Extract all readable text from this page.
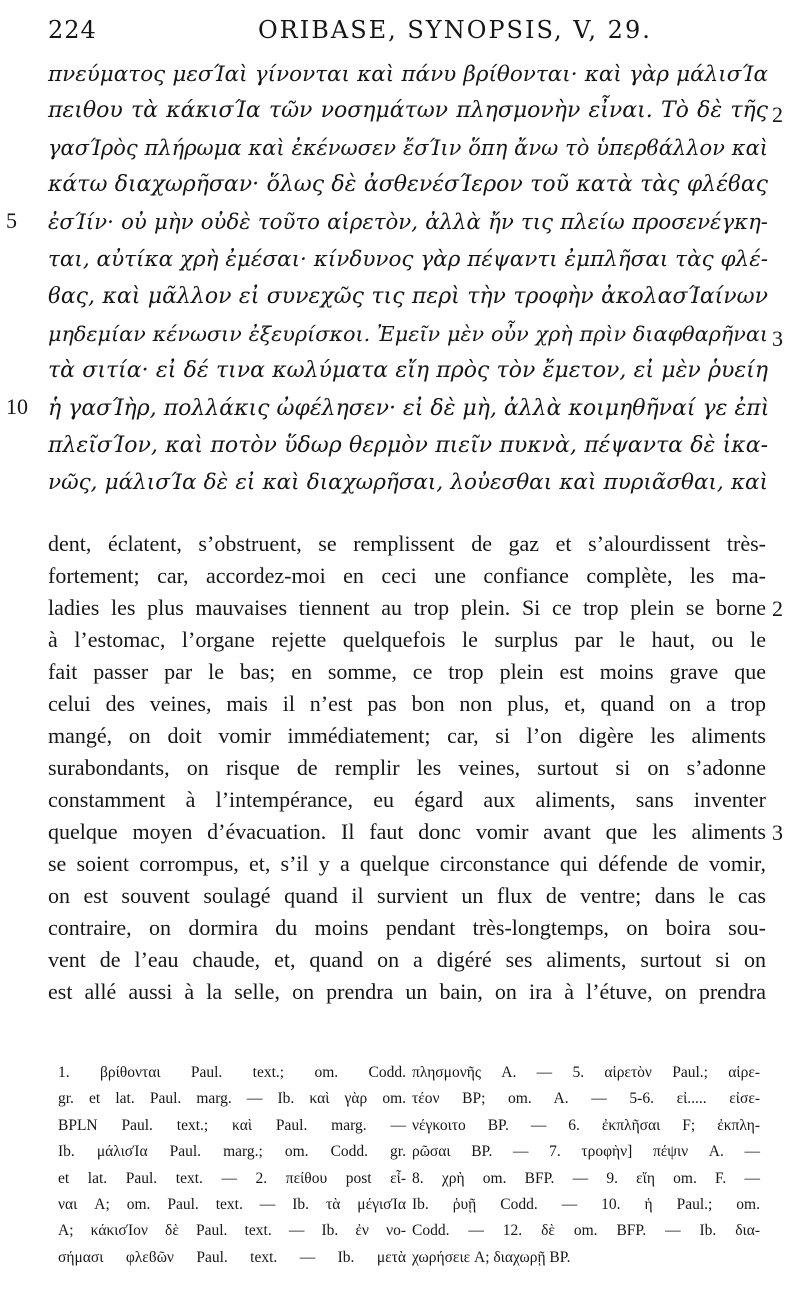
224	ORIBASE, SYNOPSIS, V, 29.
πνεύματος μεσΊαὶ γίνονται καὶ πάνυ βρίθονται· καὶ γὰρ μάλισΊα
πειθου τὰ κάκισΊα τῶν νοσημάτων πλησμονὴν εἶναι. Τὸ δὲ τῆς 2
γασΊρὸς πλήρωμα καὶ ἐκένωσεν ἔσΊιν ὅπη ἄνω τὸ ὑπερϐάλλον καὶ
κάτω διαχωρῆσαν· ὅλως δὲ ἀσθενέσΊερον τοῦ κατὰ τὰς φλέϐας
5 ἐσΊίν· οὐ μὴν οὐδὲ τοῦτο αἱρετὸν, ἀλλὰ ἤν τις πλείω προσενέγκη-
ται, αὐτίκα χρὴ ἐμέσαι· κίνδυνος γὰρ πέψαντι ἐμπλῆσαι τὰς φλέ-
ϐας, καὶ μᾶλλον εἰ συνεχῶς τις περὶ τὴν τροφὴν ἀκολασΊαίνων
μηδεμίαν κένωσιν ἐξευρίσκοι. Ἐμεῖν μὲν οὖν χρὴ πρὶν διαφθαρῆναι 3
τὰ σιτία· εἰ δέ τινα κωλύματα εἴη πρὸς τὸν ἔμετον, εἰ μὲν ῥυείη
10 ἡ γασΊὴρ, πολλάκις ὠφέλησεν· εἰ δὲ μὴ, ἀλλὰ κοιμηθῆναί γε ἐπὶ
πλεῖσΊον, καὶ ποτὸν ὕδωρ θερμὸν πιεῖν πυκνὰ, πέψαντα δὲ ἱκα-
νῶς, μάλισΊα δὲ εἰ καὶ διαχωρῆσαι, λοὐεσθαι καὶ πυριᾶσθαι, καὶ
dent, éclatent, s’obstruent, se remplissent de gaz et s’alourdissent très-
fortement; car, accordez-moi en ceci une confiance complète, les ma-
ladies les plus mauvaises tiennent au trop plein. Si ce trop plein se borne 2
à l’estomac, l’organe rejette quelquefois le surplus par le haut, ou le
fait passer par le bas; en somme, ce trop plein est moins grave que
celui des veines, mais il n’est pas bon non plus, et, quand on a trop
mangé, on doit vomir immédiatement; car, si l’on digère les aliments
surabondants, on risque de remplir les veines, surtout si on s’adonne
constamment à l’intempérance, eu égard aux aliments, sans inventer
quelque moyen d’évacuation. Il faut donc vomir avant que les aliments 3
se soient corrompus, et, s’il y a quelque circonstance qui défende de vomir,
on est souvent soulagé quand il survient un flux de ventre; dans le cas
contraire, on dormira du moins pendant très-longtemps, on boira sou-
vent de l’eau chaude, et, quand on a digéré ses aliments, surtout si on
est allé aussi à la selle, on prendra un bain, on ira à l’étuve, on prendra
1. βρίθονται Paul. text.; om. Codd.
gr. et lat. Paul. marg. — Ib. καὶ γὰρ om.
BPLN Paul. text.; καὶ Paul. marg. —
Ib. μάλισΊα Paul. marg.; om. Codd. gr.
et lat. Paul. text. — 2. πείθου post εἶ-
ναι A; om. Paul. text. — Ib. τὰ μέγισΊα
A; κάκισΊον δὲ Paul. text. — Ib. ἐν νο-
σήμασι φλεϐῶν Paul. text. — Ib. μετὰ
πλησμονῆς A. — 5. αἱρετὸν Paul.; αἱρε-
τέον BP; om. A. — 5-6. εἰ..... εἰσε-
νέγκοιτο BP. — 6. ἐκπλῆσαι F; ἐκπλη-
ρῶσαι BP. — 7. τροφὴν] πέψιν A. —
8. χρὴ om. BFP. — 9. εἴη om. F. —
Ib. ῥυῇ Codd. — 10. ἡ Paul.; om.
Codd. — 12. δὲ om. BFP. — Ib. δια-
χωρήσειε A; διαχωρῇ BP.
